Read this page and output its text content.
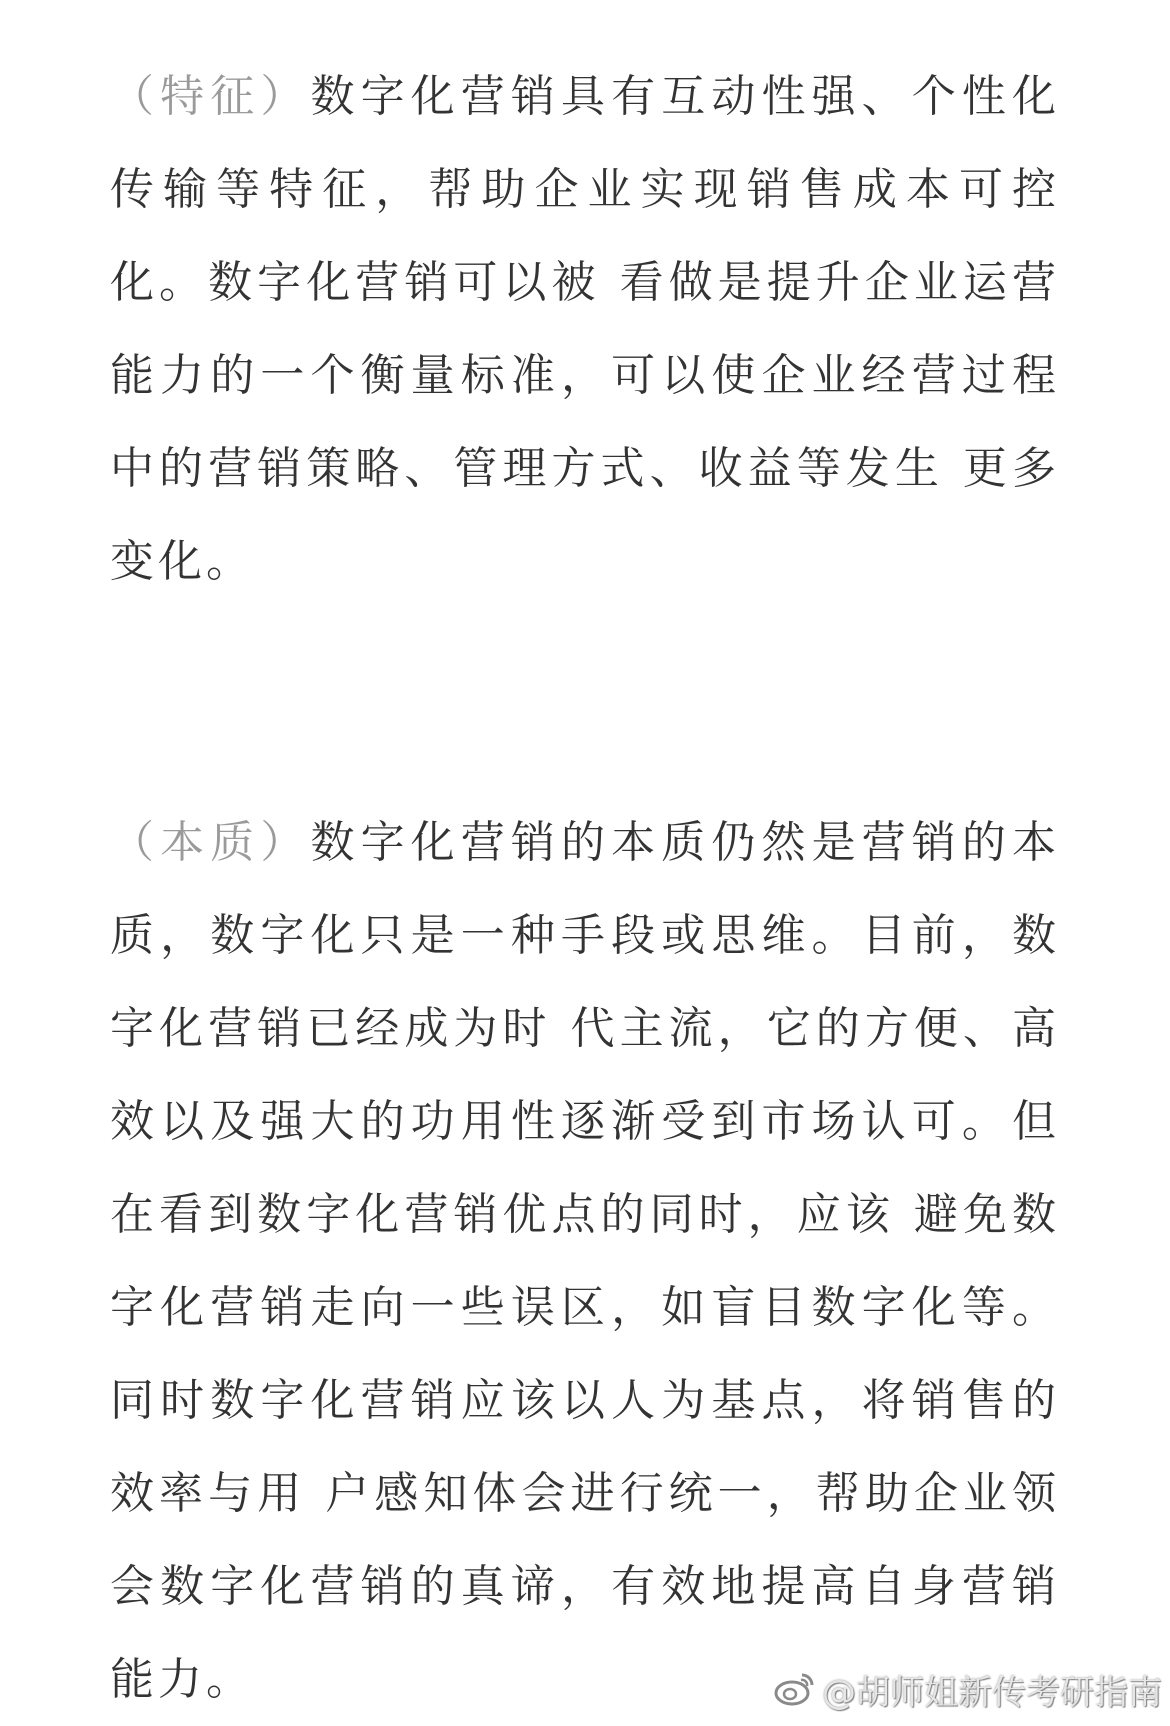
（特征）数字化营销具有互动性强、个性化
传输等特征，帮助企业实现销售成本可控
化。数字化营销可以被 看做是提升企业运营
能力的一个衡量标准，可以使企业经营过程
中的营销策略、管理方式、收益等发生 更多
变化。

（本质）数字化营销的本质仍然是营销的本
质，数字化只是一种手段或思维。目前，数
字化营销已经成为时 代主流，它的方便、高
效以及强大的功用性逐渐受到市场认可。但
在看到数字化营销优点的同时，应该 避免数
字化营销走向一些误区，如盲目数字化等。
同时数字化营销应该以人为基点，将销售的
效率与用 户感知体会进行统一，帮助企业领
会数字化营销的真谛，有效地提高自身营销
能力。	@胡师姐新传考研指南
